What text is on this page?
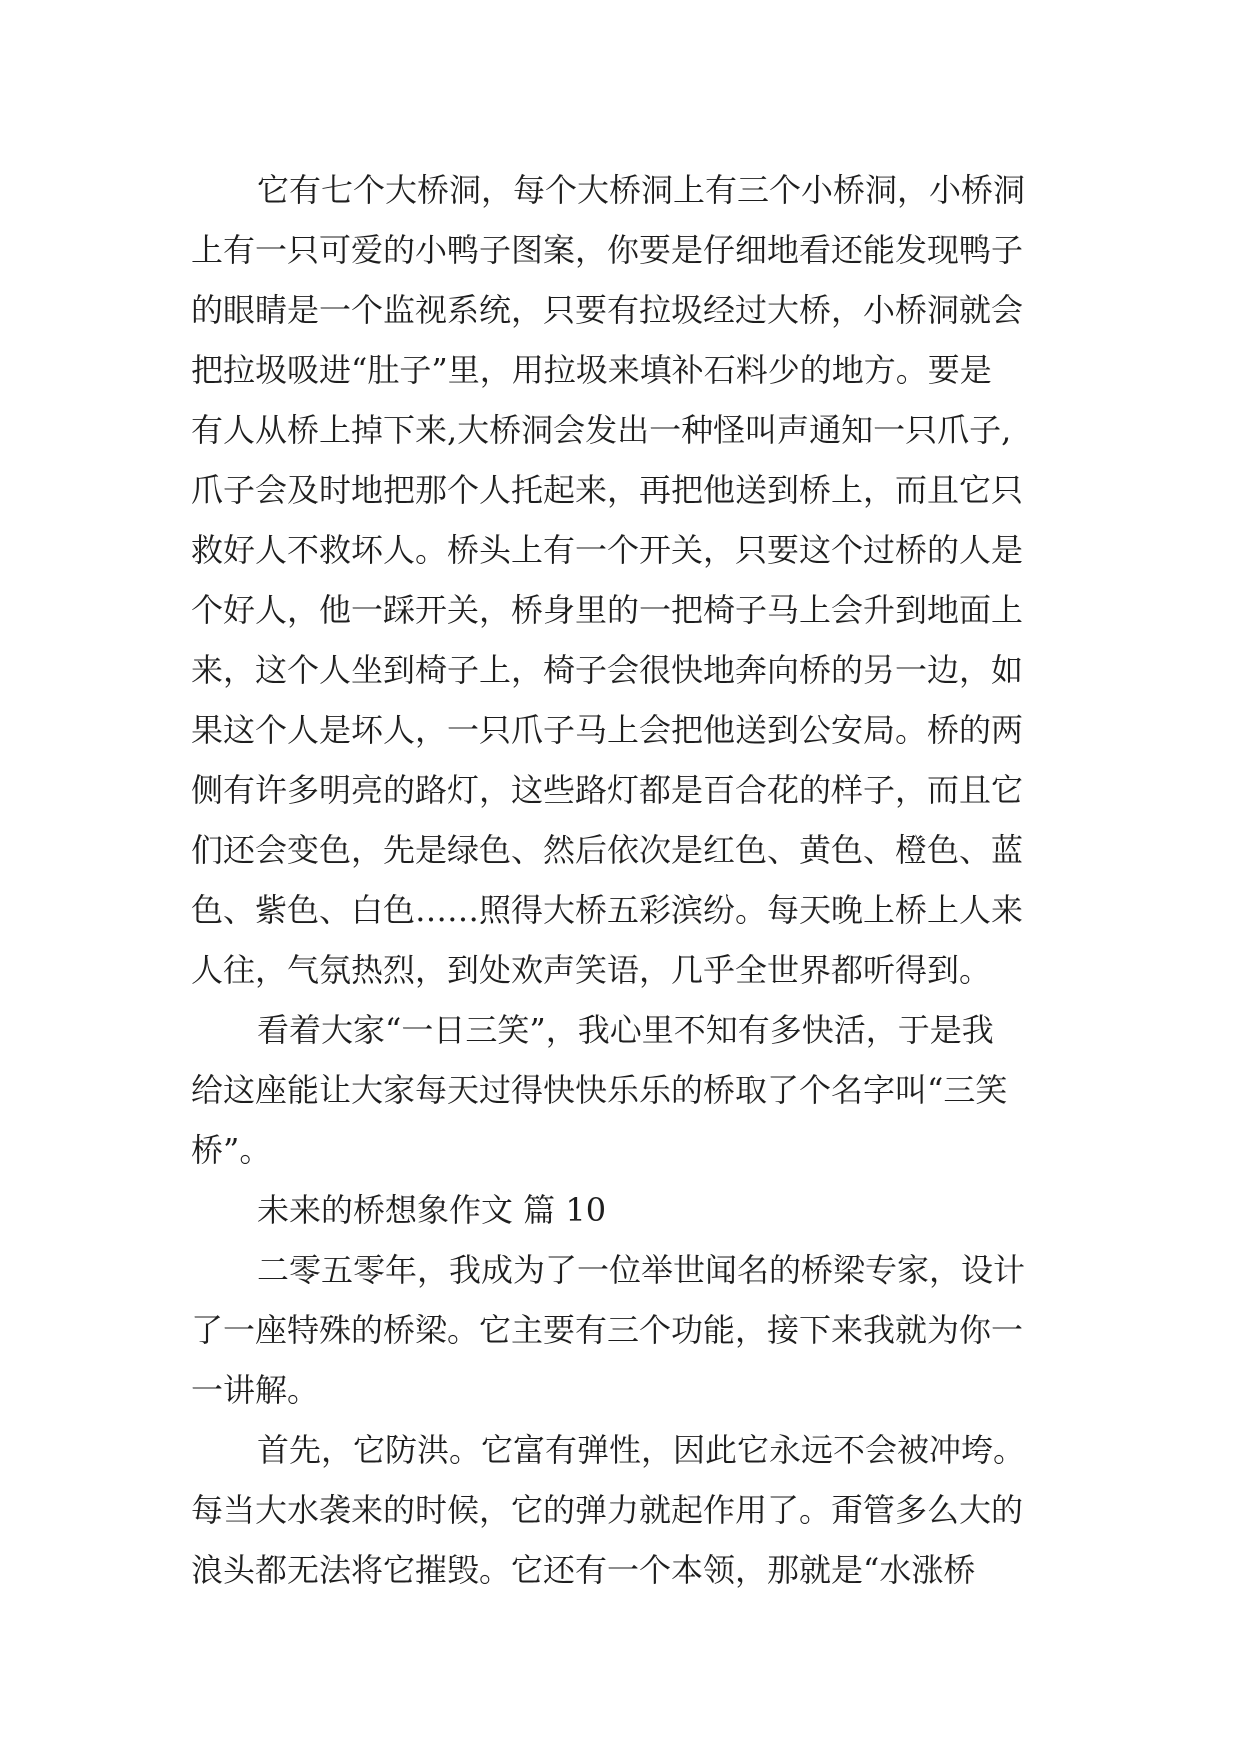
它有七个大桥洞，每个大桥洞上有三个小桥洞，小桥洞
上有一只可爱的小鸭子图案，你要是仔细地看还能发现鸭子
的眼睛是一个监视系统，只要有拉圾经过大桥，小桥洞就会
把拉圾吸进“肚子”里，用拉圾来填补石料少的地方。要是
有人从桥上掉下来,大桥洞会发出一种怪叫声通知一只爪子,
爪子会及时地把那个人托起来，再把他送到桥上，而且它只
救好人不救坏人。桥头上有一个开关，只要这个过桥的人是
个好人，他一踩开关，桥身里的一把椅子马上会升到地面上
来，这个人坐到椅子上，椅子会很快地奔向桥的另一边，如
果这个人是坏人，一只爪子马上会把他送到公安局。桥的两
侧有许多明亮的路灯，这些路灯都是百合花的样子，而且它
们还会变色，先是绿色、然后依次是红色、黄色、橙色、蓝
色、紫色、白色……照得大桥五彩滨纷。每天晚上桥上人来
人往，气氛热烈，到处欢声笑语，几乎全世界都听得到。
看着大家“一日三笑”，我心里不知有多快活，于是我
给这座能让大家每天过得快快乐乐的桥取了个名字叫“三笑
桥”。
未来的桥想象作文 篇 10
二零五零年，我成为了一位举世闻名的桥梁专家，设计
了一座特殊的桥梁。它主要有三个功能，接下来我就为你一
一讲解。
首先，它防洪。它富有弹性，因此它永远不会被冲垮。
每当大水袭来的时候，它的弹力就起作用了。甭管多么大的
浪头都无法将它摧毁。它还有一个本领，那就是“水涨桥
